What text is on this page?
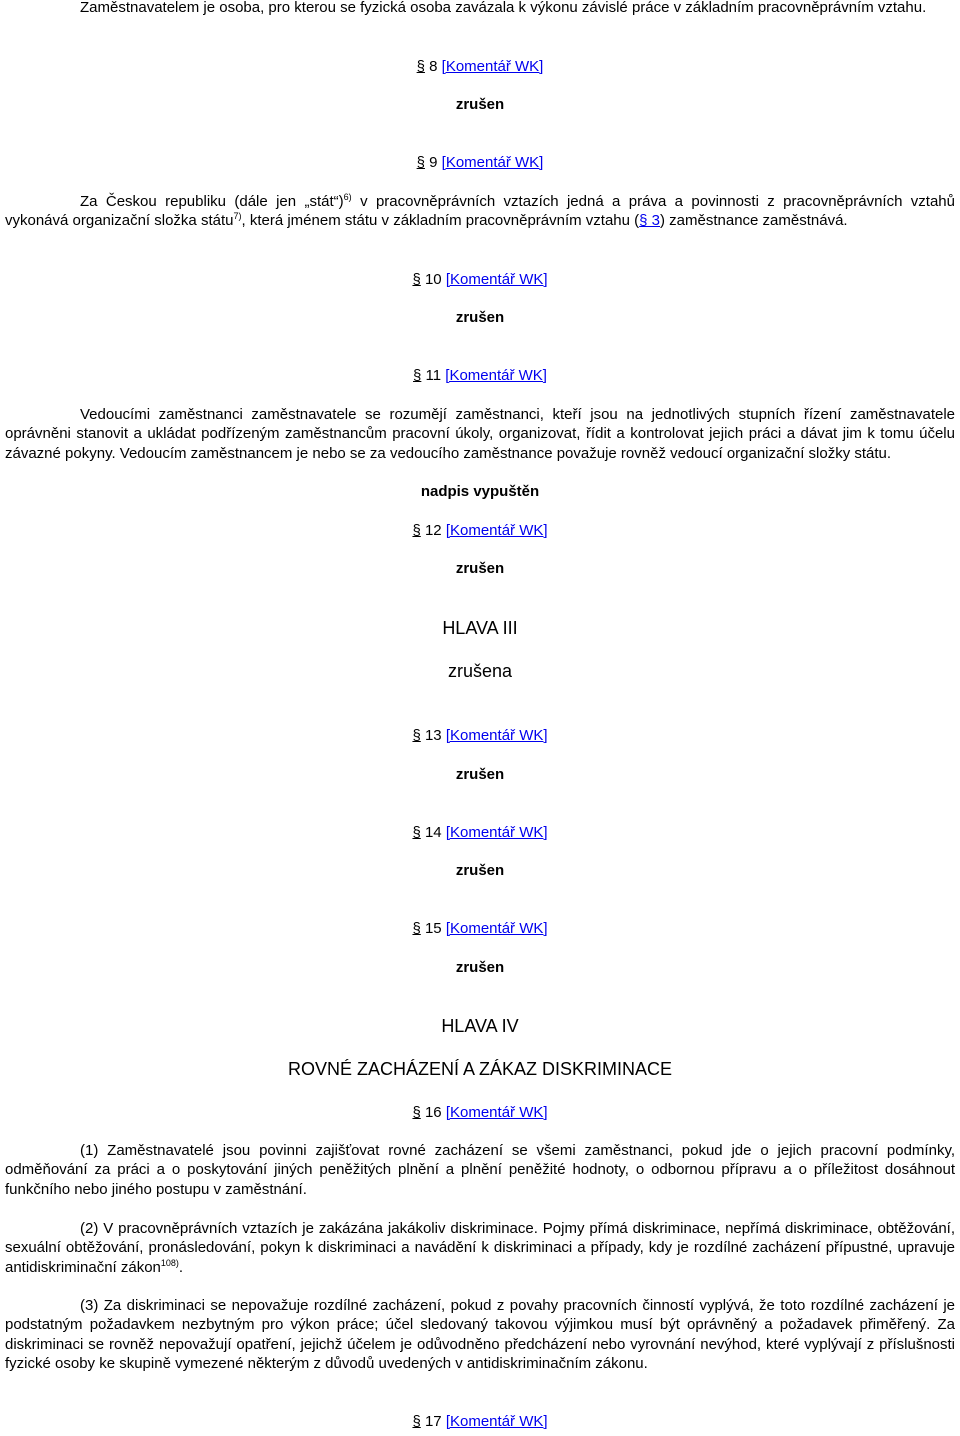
Zaměstnavatelem je osoba, pro kterou se fyzická osoba zavázala k výkonu závislé práce v základním pracovněprávním vztahu.
§ 8 [Komentář WK]
zrušen
§ 9 [Komentář WK]
Za Českou republiku (dále jen „stát“)$^{6)}$ v pracovněprávních vztazích jedná a práva a povinnosti z pracovněprávních vztahů vykonává organizační složka státu$^{7)}$, která jménem státu v základním pracovněprávním vztahu (§ 3) zaměstnance zaměstnává.
§ 10 [Komentář WK]
zrušen
§ 11 [Komentář WK]
Vedoucími zaměstnanci zaměstnavatele se rozumějí zaměstnanci, kteří jsou na jednotlivých stupních řízení zaměstnavatele oprávněni stanovit a ukládat podřízeným zaměstnancům pracovní úkoly, organizovat, řídit a kontrolovat jejich práci a dávat jim k tomu účelu závazné pokyny. Vedoucím zaměstnancem je nebo se za vedoucího zaměstnance považuje rovněž vedoucí organizační složky státu.
nadpis vypuštěn
§ 12 [Komentář WK]
zrušen
HLAVA III
zrušena
§ 13 [Komentář WK]
zrušen
§ 14 [Komentář WK]
zrušen
§ 15 [Komentář WK]
zrušen
HLAVA IV
ROVNÉ ZACHÁZENÍ A ZÁKAZ DISKRIMINACE
§ 16 [Komentář WK]
(1) Zaměstnavatelé jsou povinni zajišťovat rovné zacházení se všemi zaměstnanci, pokud jde o jejich pracovní podmínky, odměňování za práci a o poskytování jiných peněžitých plnění a plnění peněžité hodnoty, o odbornou přípravu a o příležitost dosáhnout funkčního nebo jiného postupu v zaměstnání.
(2) V pracovněprávních vztazích je zakázána jakákoliv diskriminace. Pojmy přímá diskriminace, nepřímá diskriminace, obtěžování, sexuální obtěžování, pronásledování, pokyn k diskriminaci a navádění k diskriminaci a případy, kdy je rozdílné zacházení přípustné, upravuje antidiskriminační zákon$^{108)}$.
(3) Za diskriminaci se nepovažuje rozdílné zacházení, pokud z povahy pracovních činností vyplývá, že toto rozdílné zacházení je podstatným požadavkem nezbytným pro výkon práce; účel sledovaný takovou výjimkou musí být oprávněný a požadavek přiměřený. Za diskriminaci se rovněž nepovažují opatření, jejichž účelem je odůvodněno předcházení nebo vyrovnání nevýhod, které vyplývají z příslušnosti fyzické osoby ke skupině vymezené některým z důvodů uvedených v antidiskriminačním zákonu.
§ 17 [Komentář WK]
